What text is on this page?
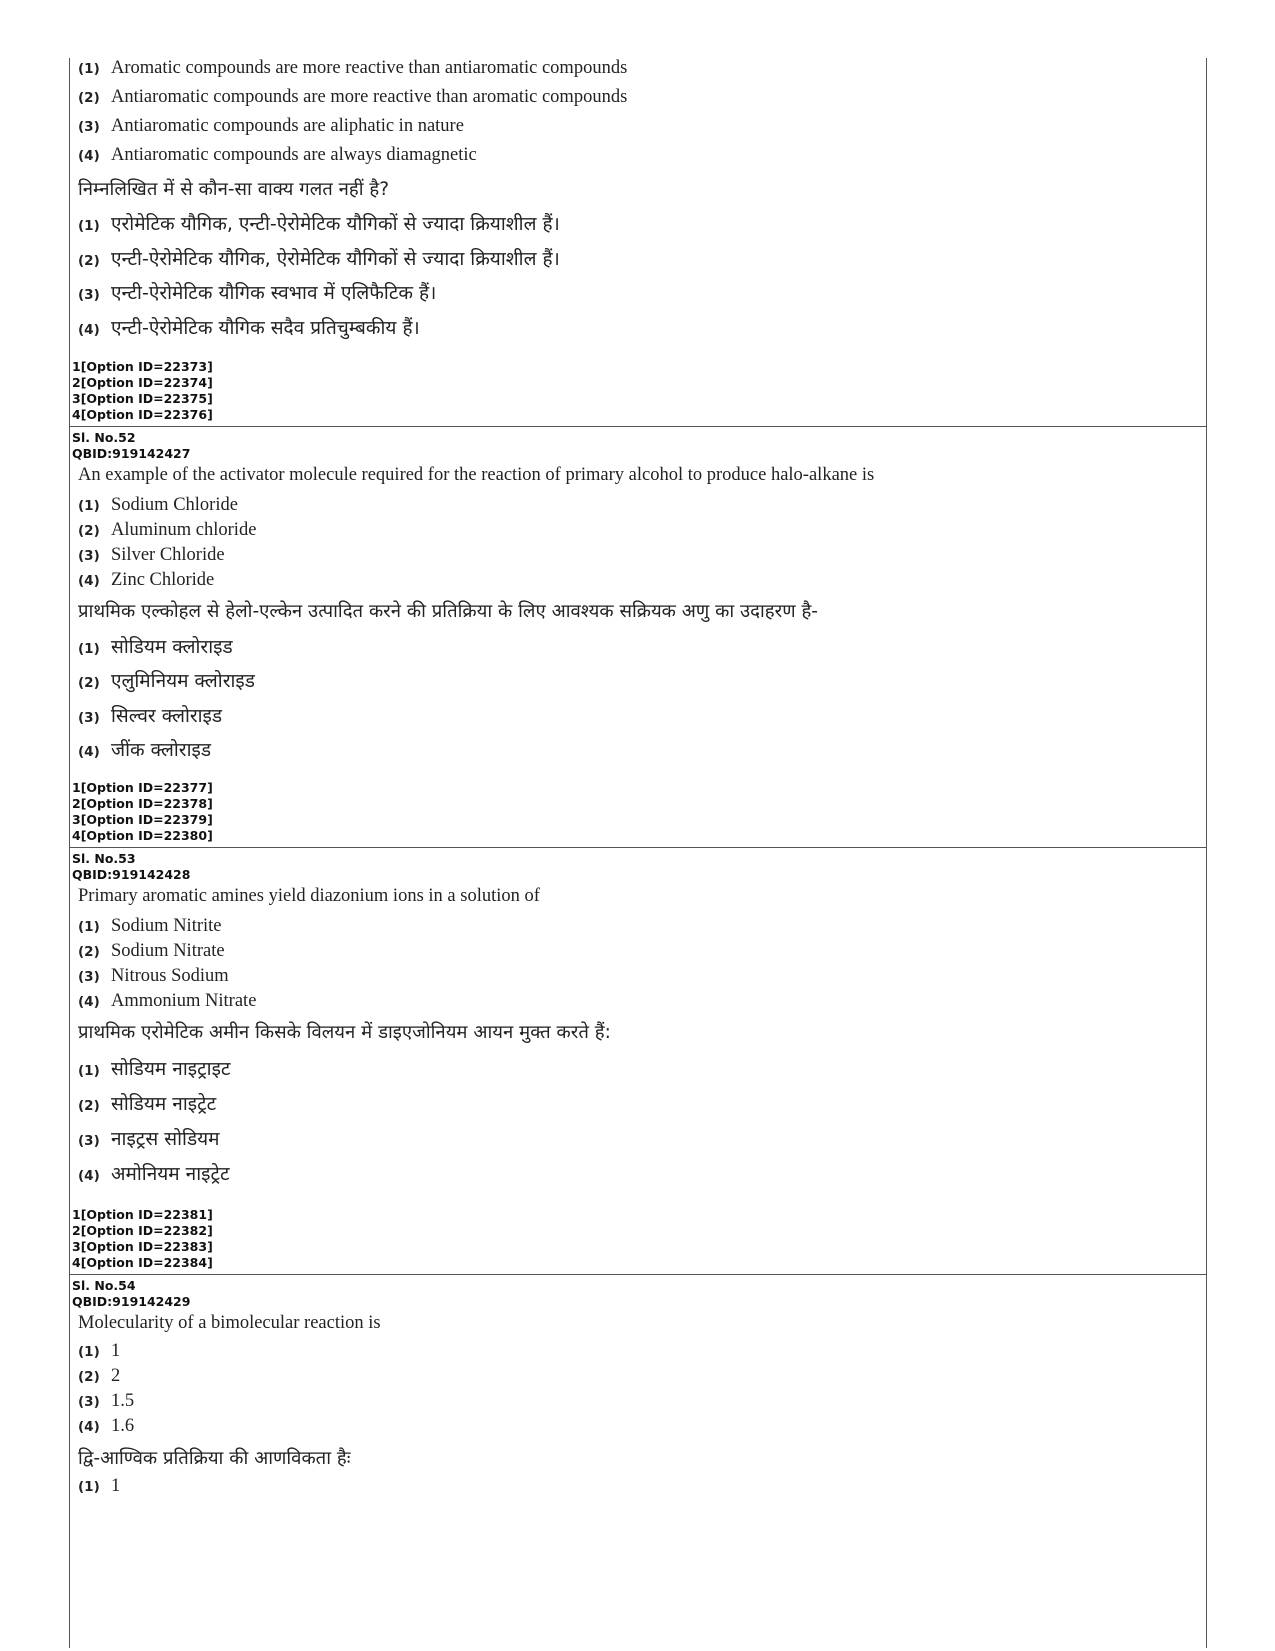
(1) Aromatic compounds are more reactive than antiaromatic compounds
(2) Antiaromatic compounds are more reactive than aromatic compounds
(3) Antiaromatic compounds are aliphatic in nature
(4) Antiaromatic compounds are always diamagnetic
निम्नलिखित में से कौन-सा वाक्य गलत नहीं है?
(1) एरोमेटिक यौगिक, एन्टी-ऐरोमेटिक यौगिकों से ज्यादा क्रियाशील हैं।
(2) एन्टी-ऐरोमेटिक यौगिक, ऐरोमेटिक यौगिकों से ज्यादा क्रियाशील हैं।
(3) एन्टी-ऐरोमेटिक यौगिक स्वभाव में एलिफैटिक हैं।
(4) एन्टी-ऐरोमेटिक यौगिक सदैव प्रतिचुम्बकीय हैं।
1[Option ID=22373]
2[Option ID=22374]
3[Option ID=22375]
4[Option ID=22376]
Sl. No.52
QBID:919142427
An example of the activator molecule required for the reaction of primary alcohol to produce halo-alkane is
(1) Sodium Chloride
(2) Aluminum chloride
(3) Silver Chloride
(4) Zinc Chloride
प्राथमिक एल्कोहल से हेलो-एल्केन उत्पादित करने की प्रतिक्रिया के लिए आवश्यक सक्रियक अणु का उदाहरण है-
(1) सोडियम क्लोराइड
(2) एलुमिनियम क्लोराइड
(3) सिल्वर क्लोराइड
(4) जींक क्लोराइड
1[Option ID=22377]
2[Option ID=22378]
3[Option ID=22379]
4[Option ID=22380]
Sl. No.53
QBID:919142428
Primary aromatic amines yield diazonium ions in a solution of
(1) Sodium Nitrite
(2) Sodium Nitrate
(3) Nitrous Sodium
(4) Ammonium Nitrate
प्राथमिक एरोमेटिक अमीन किसके विलयन में डाइएजोनियम आयन मुक्त करते हैं:
(1) सोडियम नाइट्राइट
(2) सोडियम नाइट्रेट
(3) नाइट्रस सोडियम
(4) अमोनियम नाइट्रेट
1[Option ID=22381]
2[Option ID=22382]
3[Option ID=22383]
4[Option ID=22384]
Sl. No.54
QBID:919142429
Molecularity of a bimolecular reaction is
(1) 1
(2) 2
(3) 1.5
(4) 1.6
द्वि-आण्विक प्रतिक्रिया की आणविकता हैः
(1) 1
